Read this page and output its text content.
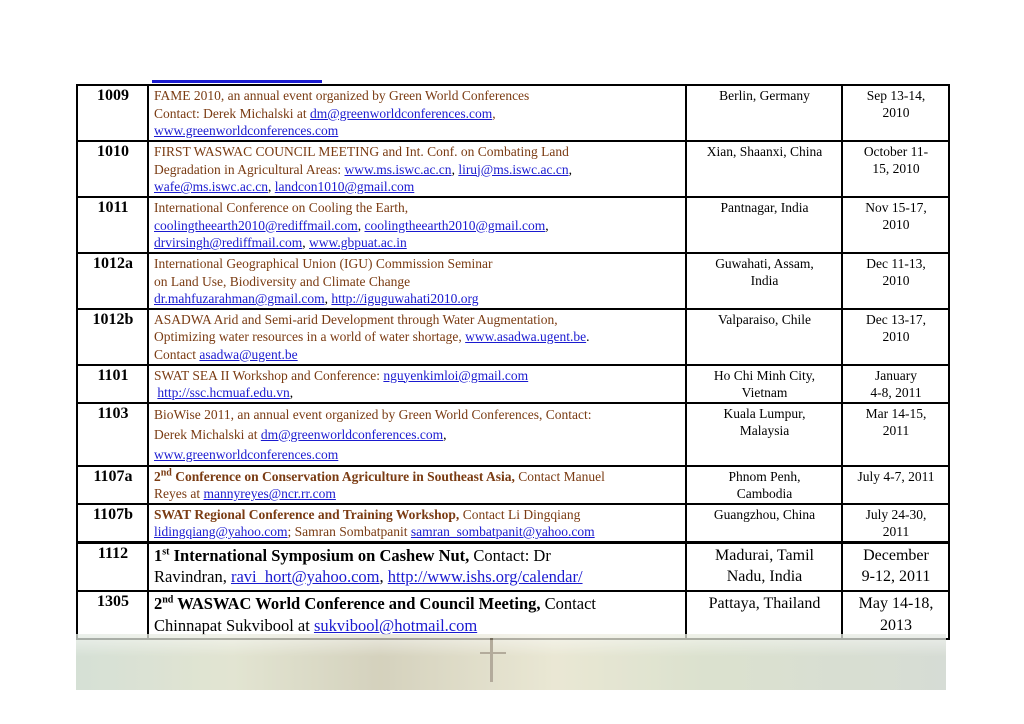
1009	FAME 2010, an annual event organized by Green World Conferences
Contact: Derek Michalski at dm@greenworldconferences.com,
www.greenworldconferences.com	Berlin, Germany	Sep 13-14,
2010
1010	FIRST WASWAC COUNCIL MEETING and Int. Conf. on Combating Land
Degradation in Agricultural Areas: www.ms.iswc.ac.cn, liruj@ms.iswc.ac.cn,
wafe@ms.iswc.ac.cn, landcon1010@gmail.com	Xian, Shaanxi, China	October 11-
15, 2010
1011	International Conference on Cooling the Earth,
coolingtheearth2010@rediffmail.com, coolingtheearth2010@gmail.com,
drvirsingh@rediffmail.com, www.gbpuat.ac.in	Pantnagar, India	Nov 15-17,
2010
1012a	International Geographical Union (IGU) Commission Seminar
on Land Use, Biodiversity and Climate Change
dr.mahfuzarahman@gmail.com, http://iguguwahati2010.org	Guwahati, Assam,
India	Dec 11-13,
2010
1012b	ASADWA Arid and Semi-arid Development through Water Augmentation,
Optimizing water resources in a world of water shortage, www.asadwa.ugent.be.
Contact asadwa@ugent.be	Valparaiso, Chile	Dec 13-17,
2010
1101	SWAT SEA II Workshop and Conference: nguyenkimloi@gmail.com
http://ssc.hcmuaf.edu.vn,	Ho Chi Minh City,
Vietnam	January
4-8, 2011
1103	BioWise 2011, an annual event organized by Green World Conferences, Contact:
Derek Michalski at dm@greenworldconferences.com,
www.greenworldconferences.com	Kuala Lumpur,
Malaysia	Mar 14-15,
2011
1107a	2nd Conference on Conservation Agriculture in Southeast Asia, Contact Manuel
Reyes at mannyreyes@ncr.rr.com	Phnom Penh,
Cambodia	July 4-7, 2011
1107b	SWAT Regional Conference and Training Workshop, Contact Li Dingqiang
lidingqiang@yahoo.com; Samran Sombatpanit samran_sombatpanit@yahoo.com	Guangzhou, China	July 24-30,
2011
1112	1st International Symposium on Cashew Nut, Contact: Dr
Ravindran, ravi_hort@yahoo.com, http://www.ishs.org/calendar/	Madurai, Tamil
Nadu, India	December
9-12, 2011
1305	2nd WASWAC World Conference and Council Meeting, Contact
Chinnapat Sukvibool at sukvibool@hotmail.com	Pattaya, Thailand	May 14-18,
2013
